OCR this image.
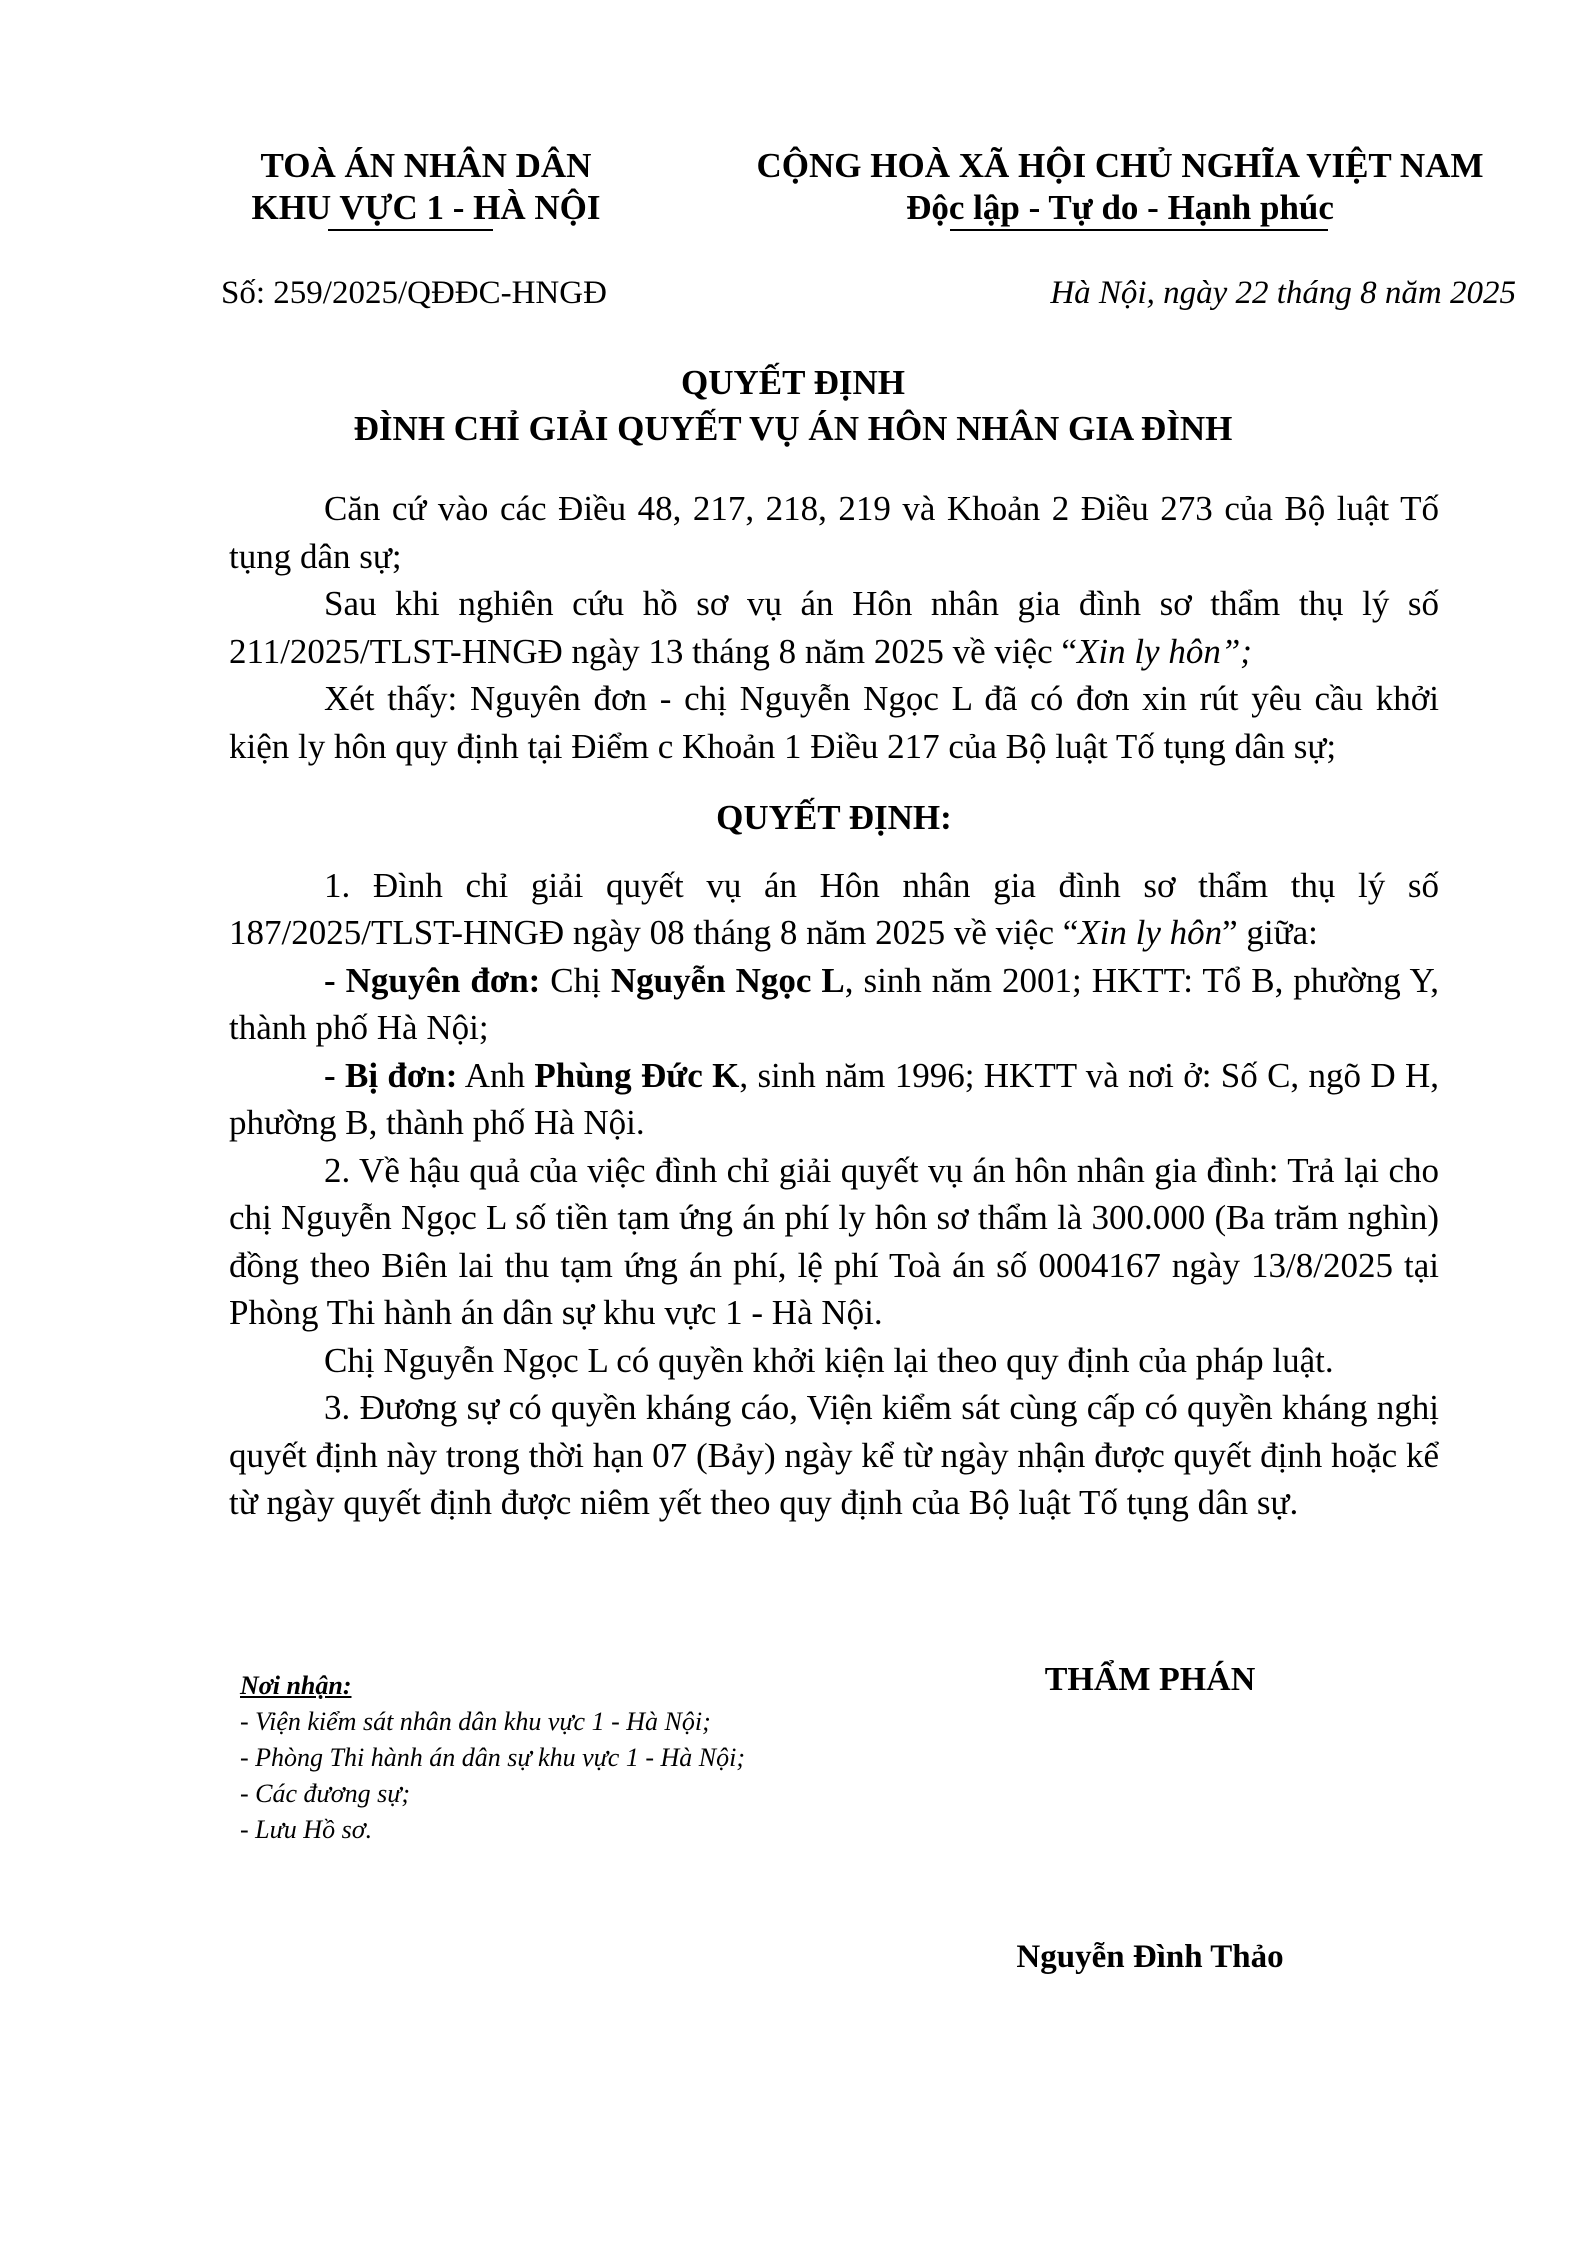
TOÀ ÁN NHÂN DÂN
KHU VỰC 1 - HÀ NỘI
CỘNG HOÀ XÃ HỘI CHỦ NGHĨA VIỆT NAM
Độc lập - Tự do - Hạnh phúc
Số: 259/2025/QĐĐC-HNGĐ	Hà Nội, ngày 22 tháng 8 năm 2025
QUYẾT ĐỊNH
ĐÌNH CHỈ GIẢI QUYẾT VỤ ÁN HÔN NHÂN GIA ĐÌNH

Căn cứ vào các Điều 48, 217, 218, 219 và Khoản 2 Điều 273 của Bộ luật Tố tụng dân sự;

Sau khi nghiên cứu hồ sơ vụ án Hôn nhân gia đình sơ thẩm thụ lý số 211/2025/TLST-HNGĐ ngày 13 tháng 8 năm 2025 về việc “Xin ly hôn”;

Xét thấy: Nguyên đơn - chị Nguyễn Ngọc L đã có đơn xin rút yêu cầu khởi kiện ly hôn quy định tại Điểm c Khoản 1 Điều 217 của Bộ luật Tố tụng dân sự;

QUYẾT ĐỊNH:

1. Đình chỉ giải quyết vụ án Hôn nhân gia đình sơ thẩm thụ lý số 187/2025/TLST-HNGĐ ngày 08 tháng 8 năm 2025 về việc “Xin ly hôn” giữa:

- Nguyên đơn: Chị Nguyễn Ngọc L, sinh năm 2001; HKTT: Tổ B, phường Y, thành phố Hà Nội;

- Bị đơn: Anh Phùng Đức K, sinh năm 1996; HKTT và nơi ở: Số C, ngõ D H, phường B, thành phố Hà Nội.

2. Về hậu quả của việc đình chỉ giải quyết vụ án hôn nhân gia đình: Trả lại cho chị Nguyễn Ngọc L số tiền tạm ứng án phí ly hôn sơ thẩm là 300.000 (Ba trăm nghìn) đồng theo Biên lai thu tạm ứng án phí, lệ phí Toà án số 0004167 ngày 13/8/2025 tại Phòng Thi hành án dân sự khu vực 1 - Hà Nội.

Chị Nguyễn Ngọc L có quyền khởi kiện lại theo quy định của pháp luật.

3. Đương sự có quyền kháng cáo, Viện kiểm sát cùng cấp có quyền kháng nghị quyết định này trong thời hạn 07 (Bảy) ngày kể từ ngày nhận được quyết định hoặc kể từ ngày quyết định được niêm yết theo quy định của Bộ luật Tố tụng dân sự.

Nơi nhận:
- Viện kiểm sát nhân dân khu vực 1 - Hà Nội;
- Phòng Thi hành án dân sự khu vực 1 - Hà Nội;
- Các đương sự;
- Lưu Hồ sơ.
THẨM PHÁN
Nguyễn Đình Thảo
